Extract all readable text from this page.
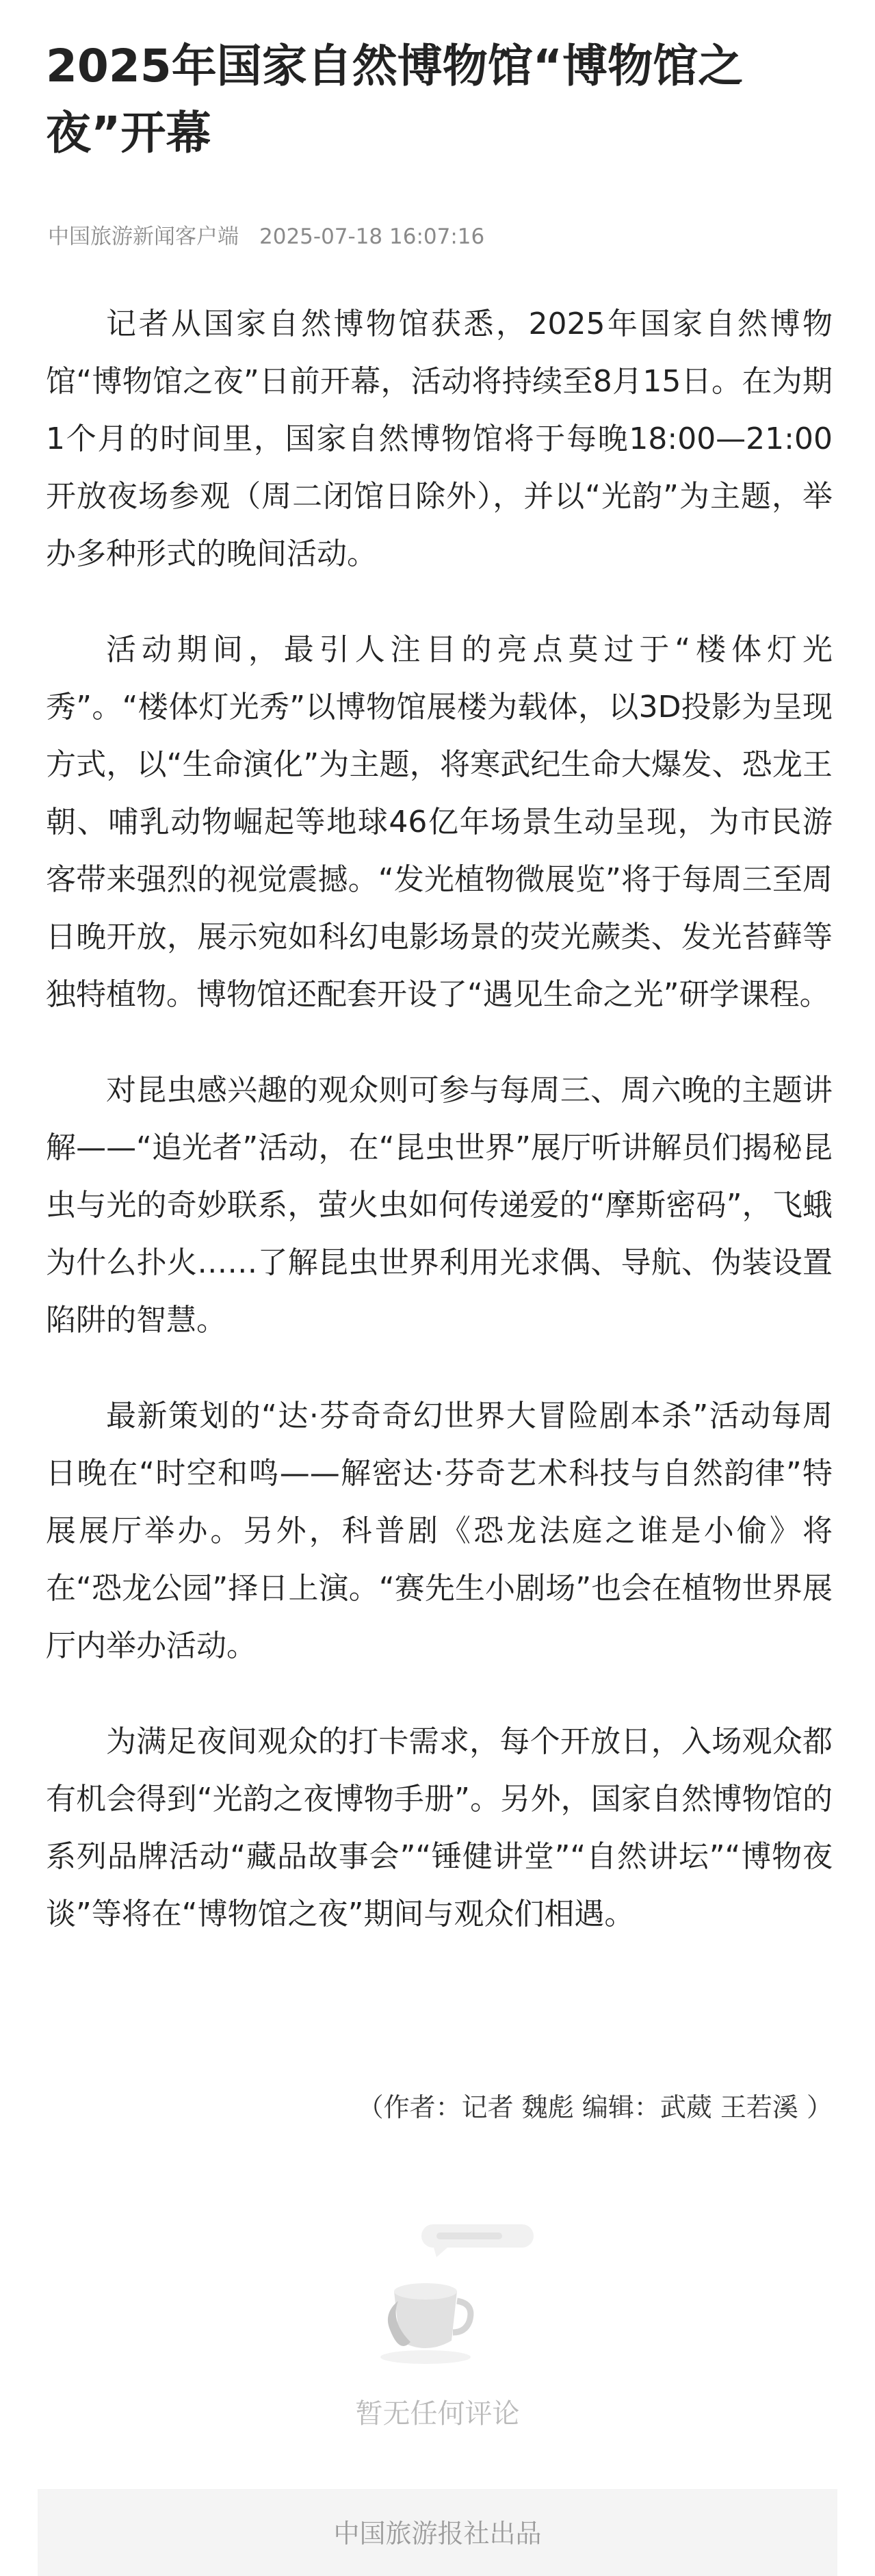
2025年国家自然博物馆“博物馆之夜”开幕
中国旅游新闻客户端 2025-07-18 16:07:16

记者从国家自然博物馆获悉，2025年国家自然博物馆“博物馆之夜”日前开幕，活动将持续至8月15日。在为期1个月的时间里，国家自然博物馆将于每晚18:00—21:00开放夜场参观（周二闭馆日除外），并以“光韵”为主题，举办多种形式的晚间活动。

活动期间，最引人注目的亮点莫过于“楼体灯光秀”。“楼体灯光秀”以博物馆展楼为载体，以3D投影为呈现方式，以“生命演化”为主题，将寒武纪生命大爆发、恐龙王朝、哺乳动物崛起等地球46亿年场景生动呈现，为市民游客带来强烈的视觉震撼。“发光植物微展览”将于每周三至周日晚开放，展示宛如科幻电影场景的荧光蕨类、发光苔藓等独特植物。博物馆还配套开设了“遇见生命之光”研学课程。

对昆虫感兴趣的观众则可参与每周三、周六晚的主题讲解——“追光者”活动，在“昆虫世界”展厅听讲解员们揭秘昆虫与光的奇妙联系，萤火虫如何传递爱的“摩斯密码”，飞蛾为什么扑火……了解昆虫世界利用光求偶、导航、伪装设置陷阱的智慧。

最新策划的“达·芬奇奇幻世界大冒险剧本杀”活动每周日晚在“时空和鸣——解密达·芬奇艺术科技与自然韵律”特展展厅举办。另外，科普剧《恐龙法庭之谁是小偷》将在“恐龙公园”择日上演。“赛先生小剧场”也会在植物世界展厅内举办活动。

为满足夜间观众的打卡需求，每个开放日，入场观众都有机会得到“光韵之夜博物手册”。另外，国家自然博物馆的系列品牌活动“藏品故事会”“锤健讲堂”“自然讲坛”“博物夜谈”等将在“博物馆之夜”期间与观众们相遇。

（作者：记者 魏彪 编辑：武葳 王若溪 ）
暂无任何评论
中国旅游报社出品
